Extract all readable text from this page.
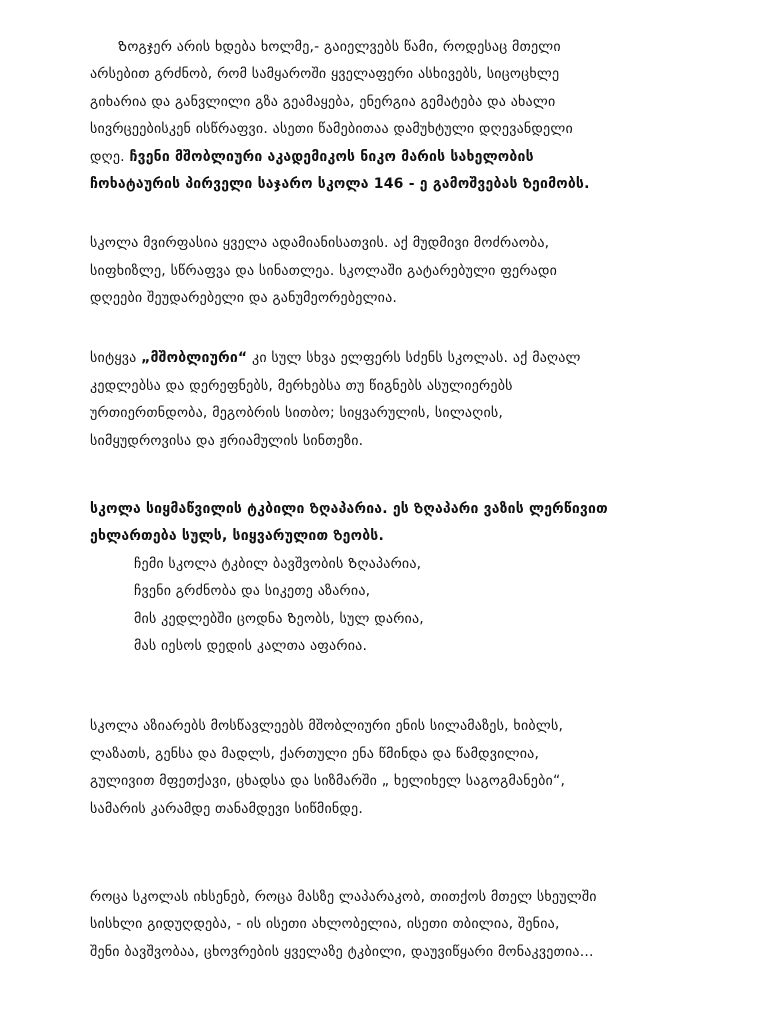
Ზოგჯერ არის ხდება ხოლმე,- გაიელვებს წამი, როდესაც მთელი
არსებით გრძნობ, რომ სამყაროში ყველაფერი ასხივებს, სიცოცხლე
გიხარია და განვლილი გზა გეამაყება, ენერგია გემატება და ახალი
სივრცეებისკენ ისწრაფვი. ასეთი წამებითაა დამუხტული დღევანდელი
დღე. ჩვენი მშობლიური აკადემიკოს ნიკო მარის სახელობის
ჩოხატაურის პირველი საჯარო სკოლა 146 - ე გამოშვებას Ზეიმობს.
სკოლა მვირფასია ყველა ადამიანისათვის. აქ მუდმივი მოძრაობა,
სიფხიზლე, სწრაფვა და სინათლეა. სკოლაში გატარებული ფერადი
დღეები შეუდარებელი და განუმეორებელია.
სიტყვა „მშობლიური“ კი სულ სხვა ელფერს სძენს სკოლას. აქ მაღალ
კედლებსა და დერეფნებს, მერხებსა თუ წიგნებს ასულიერებს
ურთიერთნდობა, მეგობრის სითბო; სიყვარულის, სილაღის,
სიმყუდროვისა და ჟრიამულის სინთეზი.
სკოლა სიყმაწვილის ტკბილი Ზღაპარია. ეს Ზღაპარი ვაზის ლერწივით
ეხლართება სულს, სიყვარულით Ზეობს.
ჩემი სკოლა ტკბილ ბავშვობის Ზღაპარია,
ჩვენი გრძნობა და სიკეთე აზარია,
მის კედლებში ცოდნა Ზეობს, სულ დარია,
მას იესოს დედის კალთა აფარია.
სკოლა აზიარებს მოსწავლეებს მშობლიური ენის სილამაზეს, ხიბლს,
ლაზათს, გენსა და მადლს, ქართული ენა წმინდა და წამდვილია,
გულივით მფეთქავი, ცხადსა და სიზმარში „ ხელიხელ საგოგმანები“,
სამარის კარამდე თანამდევი სიწმინდე.
როცა სკოლას იხსენებ, როცა მასზე ლაპარაკობ, თითქოს მთელ სხეულში
სისხლი გიდუღდება, - ის ისეთი ახლობელია, ისეთი თბილია, შენია,
შენი ბავშვობაა, ცხოვრების ყველაზე ტკბილი, დაუვიწყარი მონაკვეთია...
